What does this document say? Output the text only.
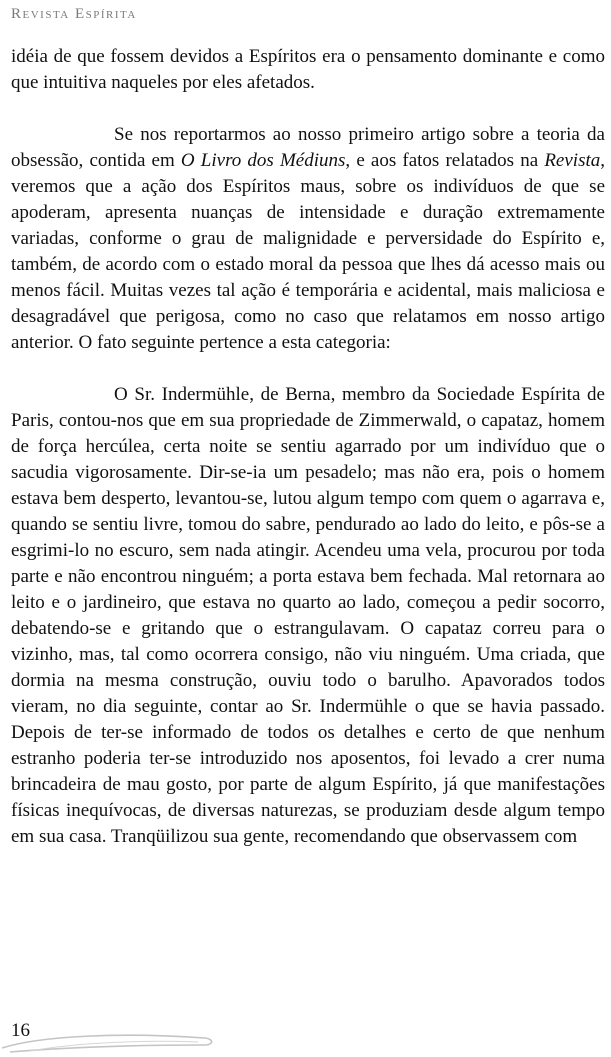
Revista Espírita

idéia de que fossem devidos a Espíritos era o pensamento dominante e como que intuitiva naqueles por eles afetados.

Se nos reportarmos ao nosso primeiro artigo sobre a teoria da obsessão, contida em O Livro dos Médiuns, e aos fatos relatados na Revista, veremos que a ação dos Espíritos maus, sobre os indivíduos de que se apoderam, apresenta nuanças de intensidade e duração extremamente variadas, conforme o grau de malignidade e perversidade do Espírito e, também, de acordo com o estado moral da pessoa que lhes dá acesso mais ou menos fácil. Muitas vezes tal ação é temporária e acidental, mais maliciosa e desagradável que perigosa, como no caso que relatamos em nosso artigo anterior. O fato seguinte pertence a esta categoria:

O Sr. Indermühle, de Berna, membro da Sociedade Espírita de Paris, contou-nos que em sua propriedade de Zimmerwald, o capataz, homem de força hercúlea, certa noite se sentiu agarrado por um indivíduo que o sacudia vigorosamente. Dir-se-ia um pesadelo; mas não era, pois o homem estava bem desperto, levantou-se, lutou algum tempo com quem o agarrava e, quando se sentiu livre, tomou do sabre, pendurado ao lado do leito, e pôs-se a esgrimi-lo no escuro, sem nada atingir. Acendeu uma vela, procurou por toda parte e não encontrou ninguém; a porta estava bem fechada. Mal retornara ao leito e o jardineiro, que estava no quarto ao lado, começou a pedir socorro, debatendo-se e gritando que o estrangulavam. O capataz correu para o vizinho, mas, tal como ocorrera consigo, não viu ninguém. Uma criada, que dormia na mesma construção, ouviu todo o barulho. Apavorados todos vieram, no dia seguinte, contar ao Sr. Indermühle o que se havia passado. Depois de ter-se informado de todos os detalhes e certo de que nenhum estranho poderia ter-se introduzido nos aposentos, foi levado a crer numa brincadeira de mau gosto, por parte de algum Espírito, já que manifestações físicas inequívocas, de diversas naturezas, se produziam desde algum tempo em sua casa. Tranqüilizou sua gente, recomendando que observassem com

16
